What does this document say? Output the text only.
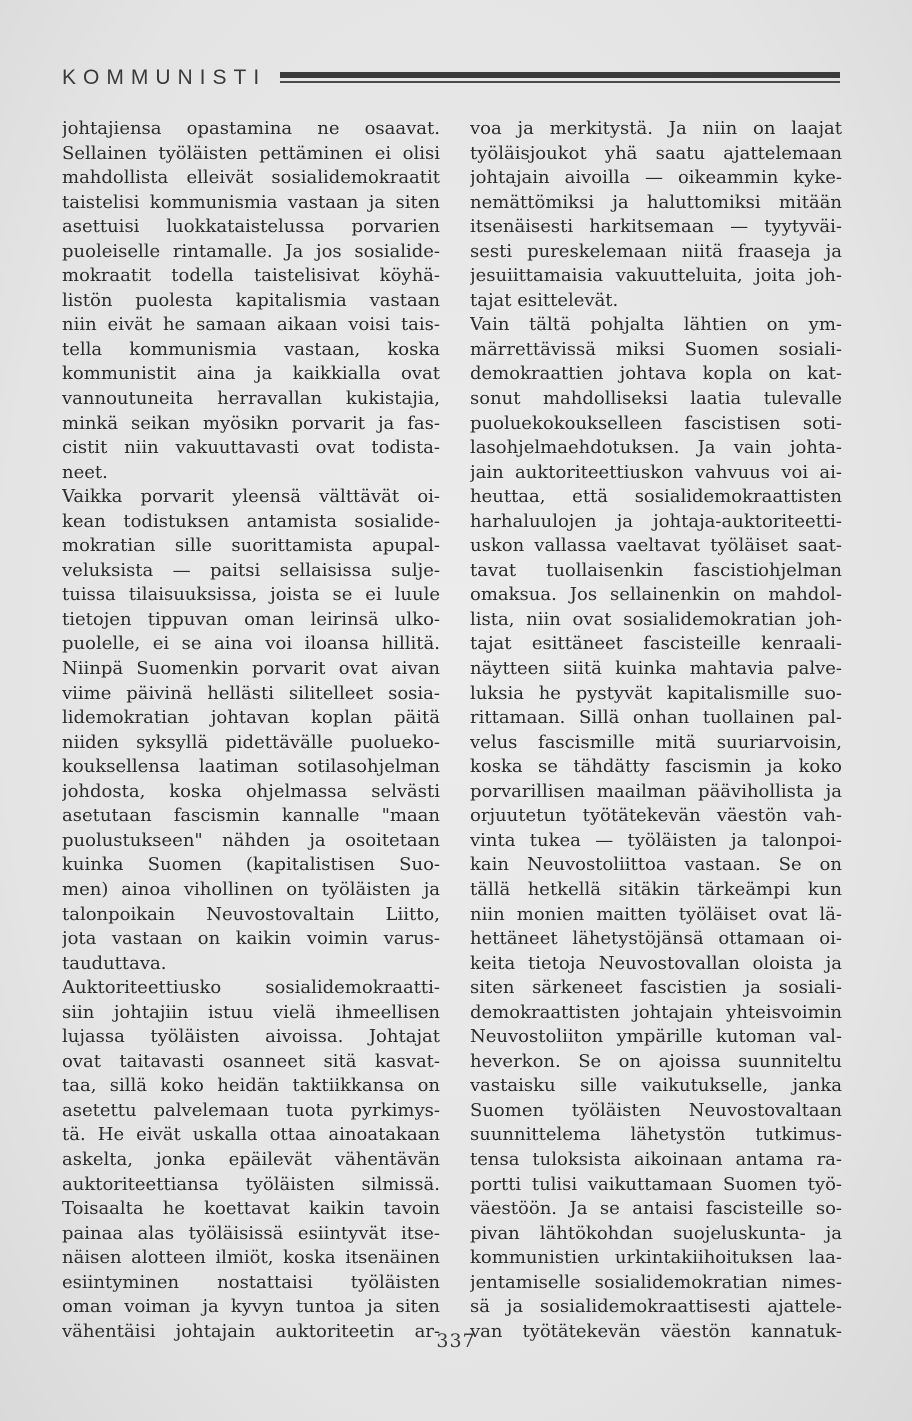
KOMMUNISTI
johtajiensa opastamina ne osaavat.
Sellainen työläisten pettäminen ei olisi
mahdollista elleivät sosialidemokraatit
taistelisi kommunismia vastaan ja siten
asettuisi luokkataistelussa porvarien
puoleiselle rintamalle. Ja jos sosialide-
mokraatit todella taistelisivat köyhä-
listön puolesta kapitalismia vastaan
niin eivät he samaan aikaan voisi tais-
tella kommunismia vastaan, koska
kommunistit aina ja kaikkialla ovat
vannoutuneita herravallan kukistajia,
minkä seikan myösikn porvarit ja fas-
cistit niin vakuuttavasti ovat todista-
neet.
Vaikka porvarit yleensä välttävät oi-
kean todistuksen antamista sosialide-
mokratian sille suorittamista apupal-
veluksista — paitsi sellaisissa sulje-
tuissa tilaisuuksissa, joista se ei luule
tietojen tippuvan oman leirinsä ulko-
puolelle, ei se aina voi iloansa hillitä.
Niinpä Suomenkin porvarit ovat aivan
viime päivinä hellästi silitelleet sosia-
lidemokratian johtavan koplan päitä
niiden syksyllä pidettävälle puolueko-
kouksellensa laatiman sotilasohjelman
johdosta, koska ohjelmassa selvästi
asetutaan fascismin kannalle "maan
puolustukseen" nähden ja osoitetaan
kuinka Suomen (kapitalistisen Suo-
men) ainoa vihollinen on työläisten ja
talonpoikain Neuvostovaltain Liitto,
jota vastaan on kaikin voimin varus-
tauduttava.
Auktoriteettiusko sosialidemokraatti-
siin johtajiin istuu vielä ihmeellisen
lujassa työläisten aivoissa. Johtajat
ovat taitavasti osanneet sitä kasvat-
taa, sillä koko heidän taktiikkansa on
asetettu palvelemaan tuota pyrkimys-
tä. He eivät uskalla ottaa ainoatakaan
askelta, jonka epäilevät vähentävän
auktoriteettiansa työläisten silmissä.
Toisaalta he koettavat kaikin tavoin
painaa alas työläisissä esiintyvät itse-
näisen alotteen ilmiöt, koska itsenäinen
esiintyminen nostattaisi työläisten
oman voiman ja kyvyn tuntoa ja siten
vähentäisi johtajain auktoriteetin ar-
voa ja merkitystä. Ja niin on laajat
työläisjoukot yhä saatu ajattelemaan
johtajain aivoilla — oikeammin kyke-
nemättömiksi ja haluttomiksi mitään
itsenäisesti harkitsemaan — tyytyväi-
sesti pureskelemaan niitä fraaseja ja
jesuiittamaisia vakuutteluita, joita joh-
tajat esittelevät.
Vain tältä pohjalta lähtien on ym-
märrettävissä miksi Suomen sosiali-
demokraattien johtava kopla on kat-
sonut mahdolliseksi laatia tulevalle
puoluekokoukselleen fascistisen soti-
lasohjelmaehdotuksen. Ja vain johta-
jain auktoriteettiuskon vahvuus voi ai-
heuttaa, että sosialidemokraattisten
harhaluulojen ja johtaja-auktoriteetti-
uskon vallassa vaeltavat työläiset saat-
tavat tuollaisenkin fascistiohjelman
omaksua. Jos sellainenkin on mahdol-
lista, niin ovat sosialidemokratian joh-
tajat esittäneet fascisteille kenraali-
näytteen siitä kuinka mahtavia palve-
luksia he pystyvät kapitalismille suo-
rittamaan. Sillä onhan tuollainen pal-
velus fascismille mitä suuriarvoisin,
koska se tähdätty fascismin ja koko
porvarillisen maailman päävihollista ja
orjuutetun työtätekevän väestön vah-
vinta tukea — työläisten ja talonpoi-
kain Neuvostoliittoa vastaan. Se on
tällä hetkellä sitäkin tärkeämpi kun
niin monien maitten työläiset ovat lä-
hettäneet lähetystöjänsä ottamaan oi-
keita tietoja Neuvostovallan oloista ja
siten särkeneet fascistien ja sosiali-
demokraattisten johtajain yhteisvoimin
Neuvostoliiton ympärille kutoman val-
heverkon. Se on ajoissa suunniteltu
vastaisku sille vaikutukselle, janka
Suomen työläisten Neuvostovaltaan
suunnittelema lähetystön tutkimus-
tensa tuloksista aikoinaan antama ra-
portti tulisi vaikuttamaan Suomen työ-
väestöön. Ja se antaisi fascisteille so-
pivan lähtökohdan suojeluskunta- ja
kommunistien urkintakiihoituksen laa-
jentamiselle sosialidemokratian nimes-
sä ja sosialidemokraattisesti ajattele-
van työtätekevän väestön kannatuk-
337
